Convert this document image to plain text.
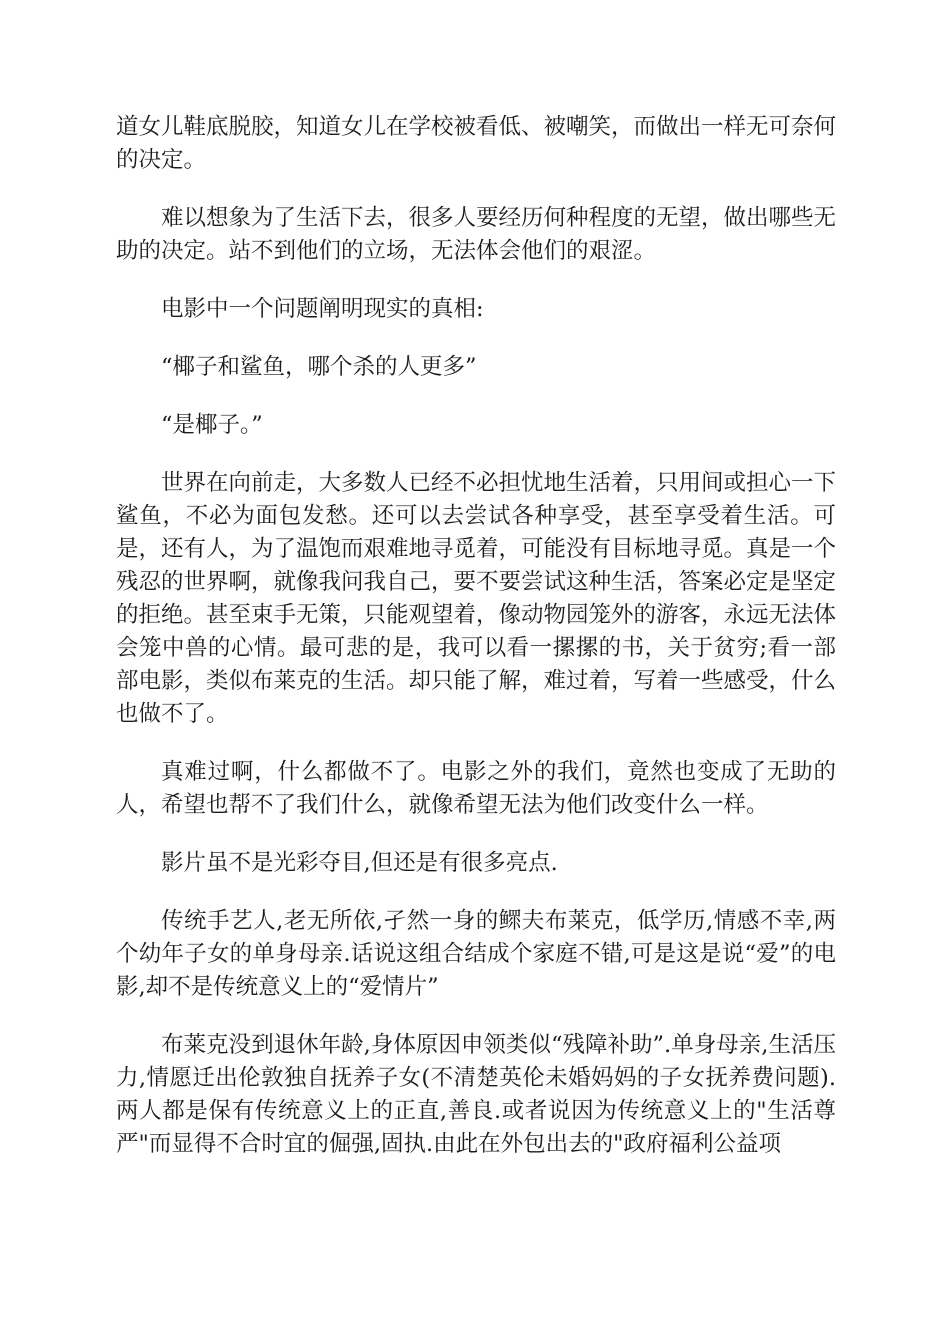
道女儿鞋底脱胶，知道女儿在学校被看低、被嘲笑，而做出一样无可奈何的决定。

难以想象为了生活下去，很多人要经历何种程度的无望，做出哪些无助的决定。站不到他们的立场，无法体会他们的艰涩。

电影中一个问题阐明现实的真相:

“椰子和鲨鱼，哪个杀的人更多”

“是椰子。”

世界在向前走，大多数人已经不必担忧地生活着，只用间或担心一下鲨鱼，不必为面包发愁。还可以去尝试各种享受，甚至享受着生活。可是，还有人，为了温饱而艰难地寻觅着，可能没有目标地寻觅。真是一个残忍的世界啊，就像我问我自己，要不要尝试这种生活，答案必定是坚定的拒绝。甚至束手无策，只能观望着，像动物园笼外的游客，永远无法体会笼中兽的心情。最可悲的是，我可以看一摞摞的书，关于贫穷;看一部部电影，类似布莱克的生活。却只能了解，难过着，写着一些感受，什么也做不了。

真难过啊，什么都做不了。电影之外的我们，竟然也变成了无助的人，希望也帮不了我们什么，就像希望无法为他们改变什么一样。

影片虽不是光彩夺目,但还是有很多亮点.

传统手艺人,老无所依,孑然一身的鳏夫布莱克，低学历,情感不幸,两个幼年子女的单身母亲.话说这组合结成个家庭不错,可是这是说“爱”的电影,却不是传统意义上的“爱情片”

布莱克没到退休年龄,身体原因申领类似“残障补助”.单身母亲,生活压力,情愿迁出伦敦独自抚养子女(不清楚英伦未婚妈妈的子女抚养费问题).两人都是保有传统意义上的正直,善良.或者说因为传统意义上的"生活尊严"而显得不合时宜的倔强,固执.由此在外包出去的"政府福利公益项
